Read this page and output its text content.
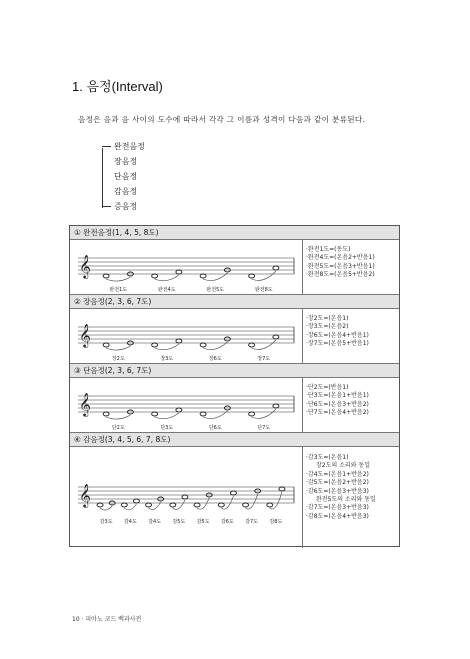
1. 음정(Interval)
음정은 음과 음 사이의 도수에 따라서 각각 그 이름과 성격이 다음과 같이 분류된다.
완전음정
장음정
단음정
감음정
증음정
① 완전음정(1, 4, 5, 8도)
𝄞
완전1도	완전4도	완전5도	완전8도
·완전1도=(동도)
·완전4도=(온음2+반음1)
·완전5도=(온음3+반음1)
·완전8도=(온음5+반음2)
② 장음정(2, 3, 6, 7도)
𝄞
장2도	장3도	장6도	장7도
·장2도=(온음1)
·장3도=(온음2)
·장6도=(온음4+반음1)
·장7도=(온음5+반음1)
③ 단음정(2, 3, 6, 7도)
𝄞
단2도	단3도	단6도	단7도
·단2도=(반음1)
·단3도=(온음1+반음1)
·단6도=(온음3+반음2)
·단7도=(온음4+반음2)
④ 감음정(3, 4, 5, 6, 7, 8도)
𝄞
감3도 감4도 감4도 감5도 감5도 감6도 감7도 감8도
·감3도=(온음1)
장2도의 소리와 동일
·감4도=(온음1+반음2)
·감5도=(온음2+반음2)
·감6도=(온음3+반음3)
완전5도의 소리와 동일
·감7도=(온음3+반음3)
·감8도=(온음4+반음3)
10 · 피아노 코드 백과사전
